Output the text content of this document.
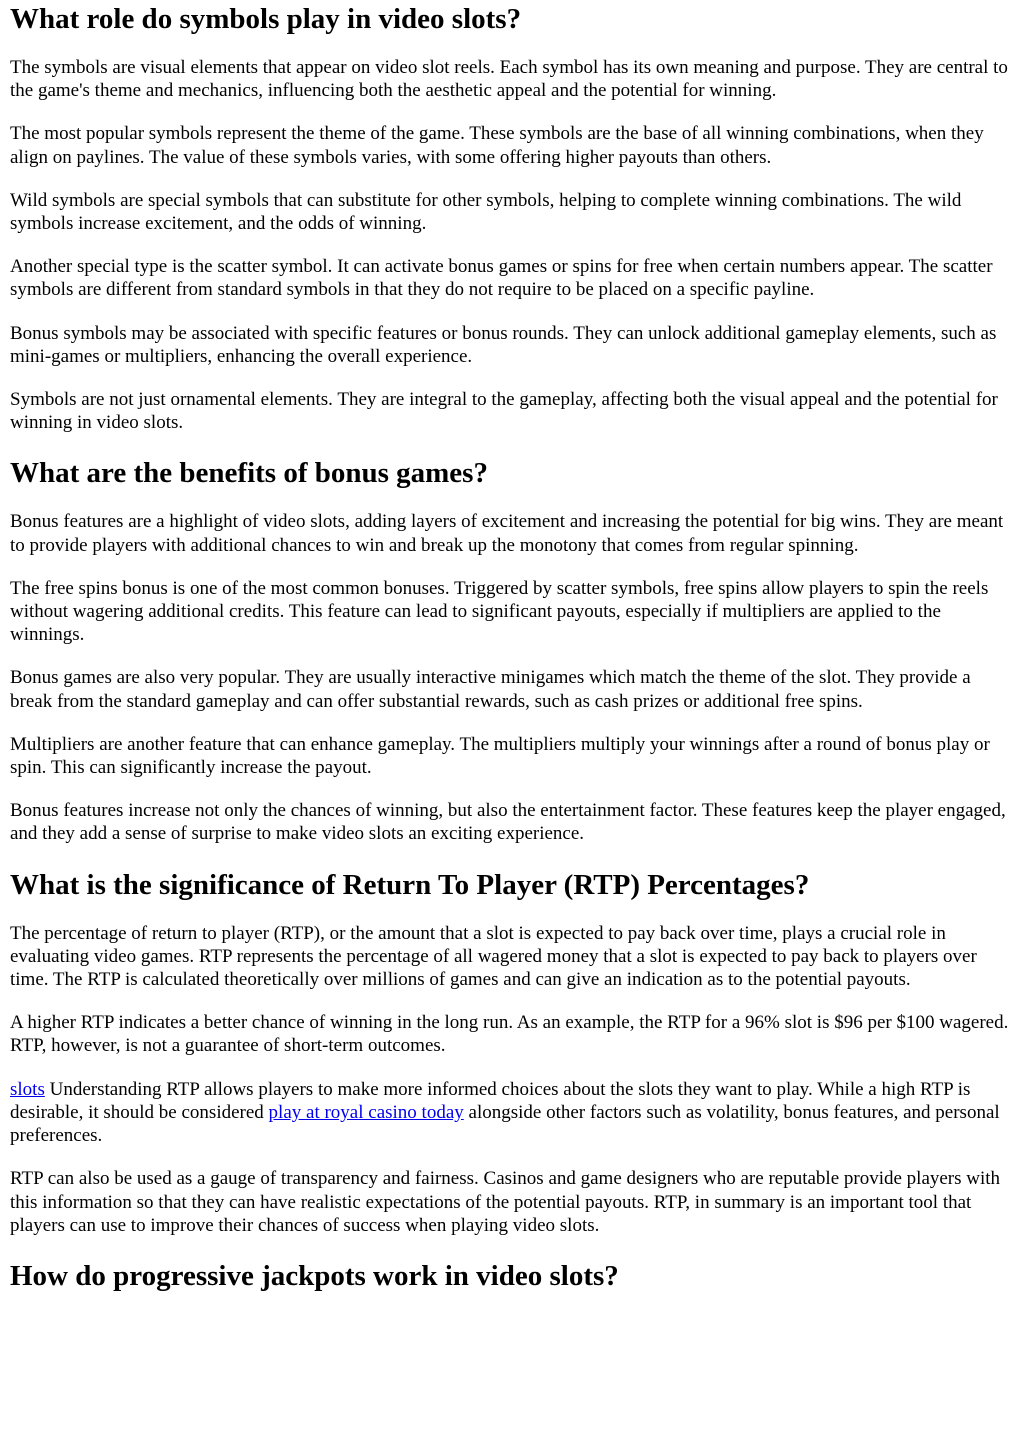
What role do symbols play in video slots?

The symbols are visual elements that appear on video slot reels. Each symbol has its own meaning and purpose. They are central to the game's theme and mechanics, influencing both the aesthetic appeal and the potential for winning.

The most popular symbols represent the theme of the game. These symbols are the base of all winning combinations, when they align on paylines. The value of these symbols varies, with some offering higher payouts than others.

Wild symbols are special symbols that can substitute for other symbols, helping to complete winning combinations. The wild symbols increase excitement, and the odds of winning.

Another special type is the scatter symbol. It can activate bonus games or spins for free when certain numbers appear. The scatter symbols are different from standard symbols in that they do not require to be placed on a specific payline.

Bonus symbols may be associated with specific features or bonus rounds. They can unlock additional gameplay elements, such as mini-games or multipliers, enhancing the overall experience.

Symbols are not just ornamental elements. They are integral to the gameplay, affecting both the visual appeal and the potential for winning in video slots.

What are the benefits of bonus games?

Bonus features are a highlight of video slots, adding layers of excitement and increasing the potential for big wins. They are meant to provide players with additional chances to win and break up the monotony that comes from regular spinning.

The free spins bonus is one of the most common bonuses. Triggered by scatter symbols, free spins allow players to spin the reels without wagering additional credits. This feature can lead to significant payouts, especially if multipliers are applied to the winnings.

Bonus games are also very popular. They are usually interactive minigames which match the theme of the slot. They provide a break from the standard gameplay and can offer substantial rewards, such as cash prizes or additional free spins.

Multipliers are another feature that can enhance gameplay. The multipliers multiply your winnings after a round of bonus play or spin. This can significantly increase the payout.

Bonus features increase not only the chances of winning, but also the entertainment factor. These features keep the player engaged, and they add a sense of surprise to make video slots an exciting experience.

What is the significance of Return To Player (RTP) Percentages?

The percentage of return to player (RTP), or the amount that a slot is expected to pay back over time, plays a crucial role in evaluating video games. RTP represents the percentage of all wagered money that a slot is expected to pay back to players over time. The RTP is calculated theoretically over millions of games and can give an indication as to the potential payouts.

A higher RTP indicates a better chance of winning in the long run. As an example, the RTP for a 96% slot is $96 per $100 wagered. RTP, however, is not a guarantee of short-term outcomes.

slots Understanding RTP allows players to make more informed choices about the slots they want to play. While a high RTP is desirable, it should be considered play at royal casino today alongside other factors such as volatility, bonus features, and personal preferences.

RTP can also be used as a gauge of transparency and fairness. Casinos and game designers who are reputable provide players with this information so that they can have realistic expectations of the potential payouts. RTP, in summary is an important tool that players can use to improve their chances of success when playing video slots.

How do progressive jackpots work in video slots?
